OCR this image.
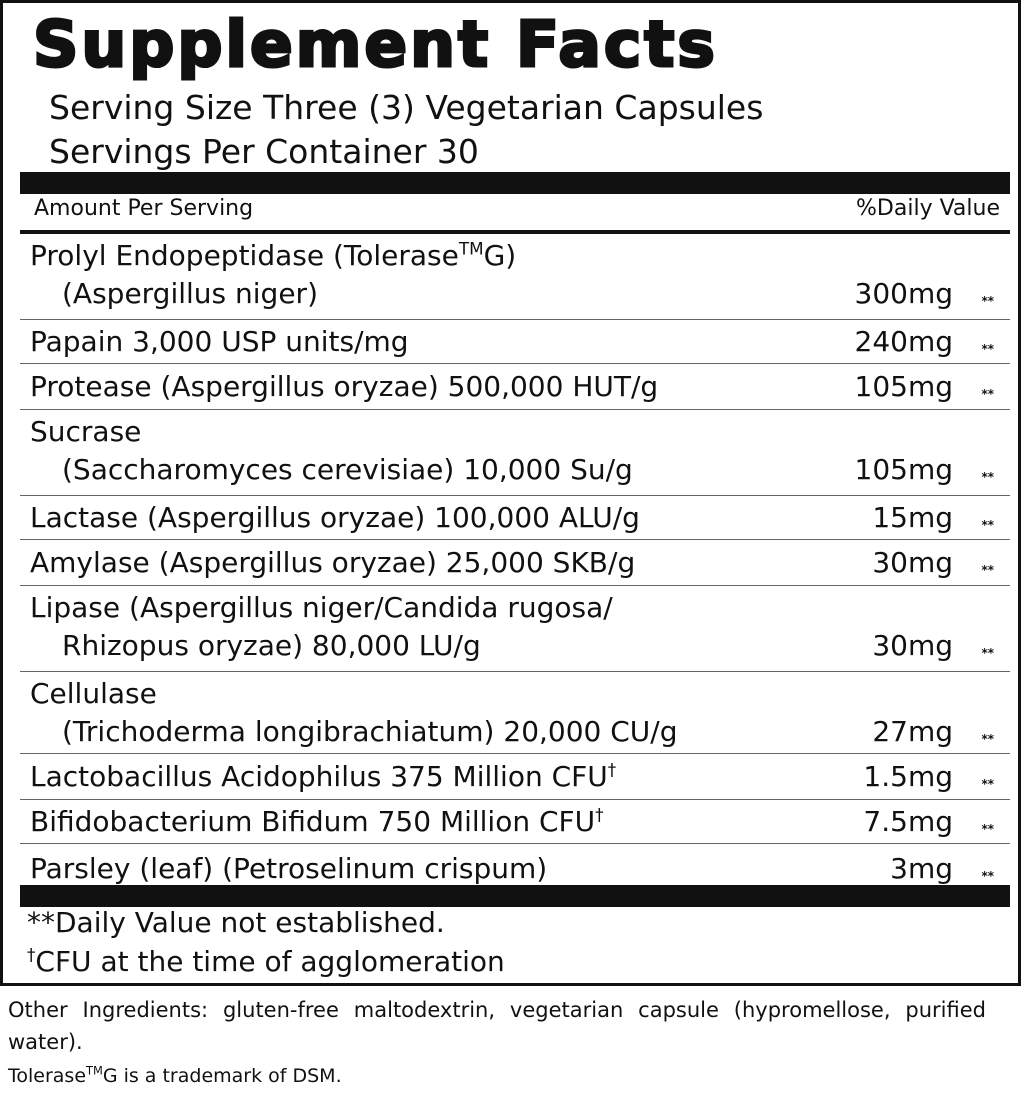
Supplement Facts
Serving Size Three (3) Vegetarian Capsules
Servings Per Container 30
Amount Per Serving	%Daily Value
Prolyl Endopeptidase (Tolerase™G)
(Aspergillus niger)	300mg **
Papain 3,000 USP units/mg	240mg **
Protease (Aspergillus oryzae) 500,000 HUT/g	105mg **
Sucrase
(Saccharomyces cerevisiae) 10,000 Su/g	105mg **
Lactase (Aspergillus oryzae) 100,000 ALU/g	15mg **
Amylase (Aspergillus oryzae) 25,000 SKB/g	30mg **
Lipase (Aspergillus niger/Candida rugosa/
Rhizopus oryzae) 80,000 LU/g	30mg **
Cellulase
(Trichoderma longibrachiatum) 20,000 CU/g	27mg **
Lactobacillus Acidophilus 375 Million CFU†	1.5mg **
Bifidobacterium Bifidum 750 Million CFU†	7.5mg **
Parsley (leaf) (Petroselinum crispum)	3mg **
**Daily Value not established.
†CFU at the time of agglomeration
Other Ingredients: gluten-free maltodextrin, vegetarian capsule (hypromellose, purified water).
Tolerase™G is a trademark of DSM.
